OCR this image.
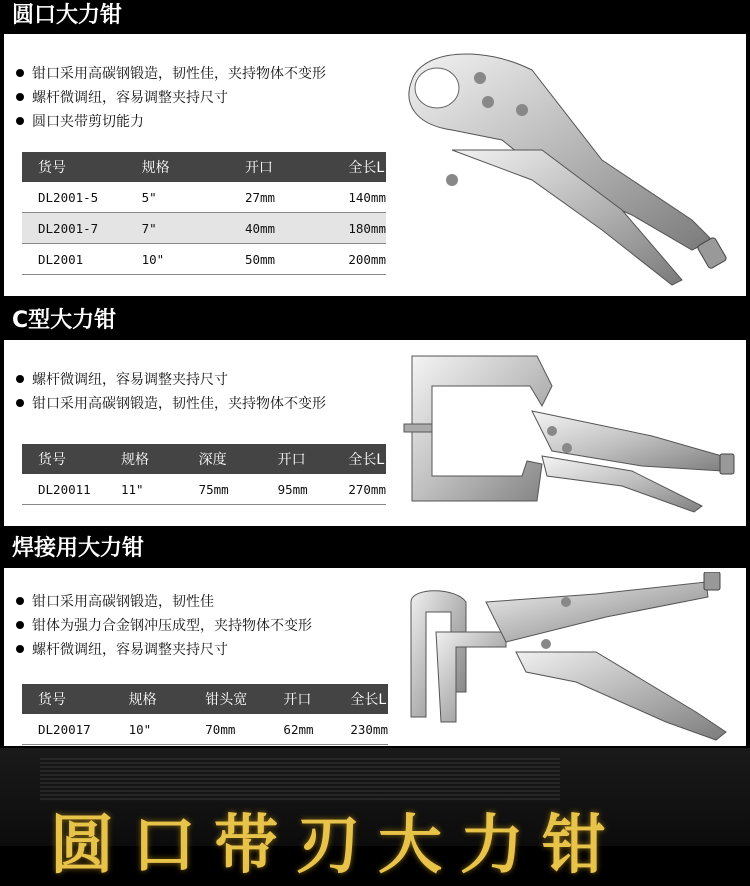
圆口大力钳
钳口采用高碳钢锻造，韧性佳，夹持物体不变形
螺杆微调纽，容易调整夹持尺寸
圆口夹带剪切能力
货号	规格	开口	全长L
DL2001-5	5"	27mm	140mm
DL2001-7	7"	40mm	180mm
DL2001	10"	50mm	200mm
C型大力钳
螺杆微调纽，容易调整夹持尺寸
钳口采用高碳钢锻造，韧性佳，夹持物体不变形
货号	规格	深度	开口	全长L
DL20011	11"	75mm	95mm	270mm
焊接用大力钳
钳口采用高碳钢锻造，韧性佳
钳体为强力合金钢冲压成型，夹持物体不变形
螺杆微调纽，容易调整夹持尺寸
货号	规格	钳头宽	开口	全长L
DL20017	10"	70mm	62mm	230mm
圆口带刃大力钳
